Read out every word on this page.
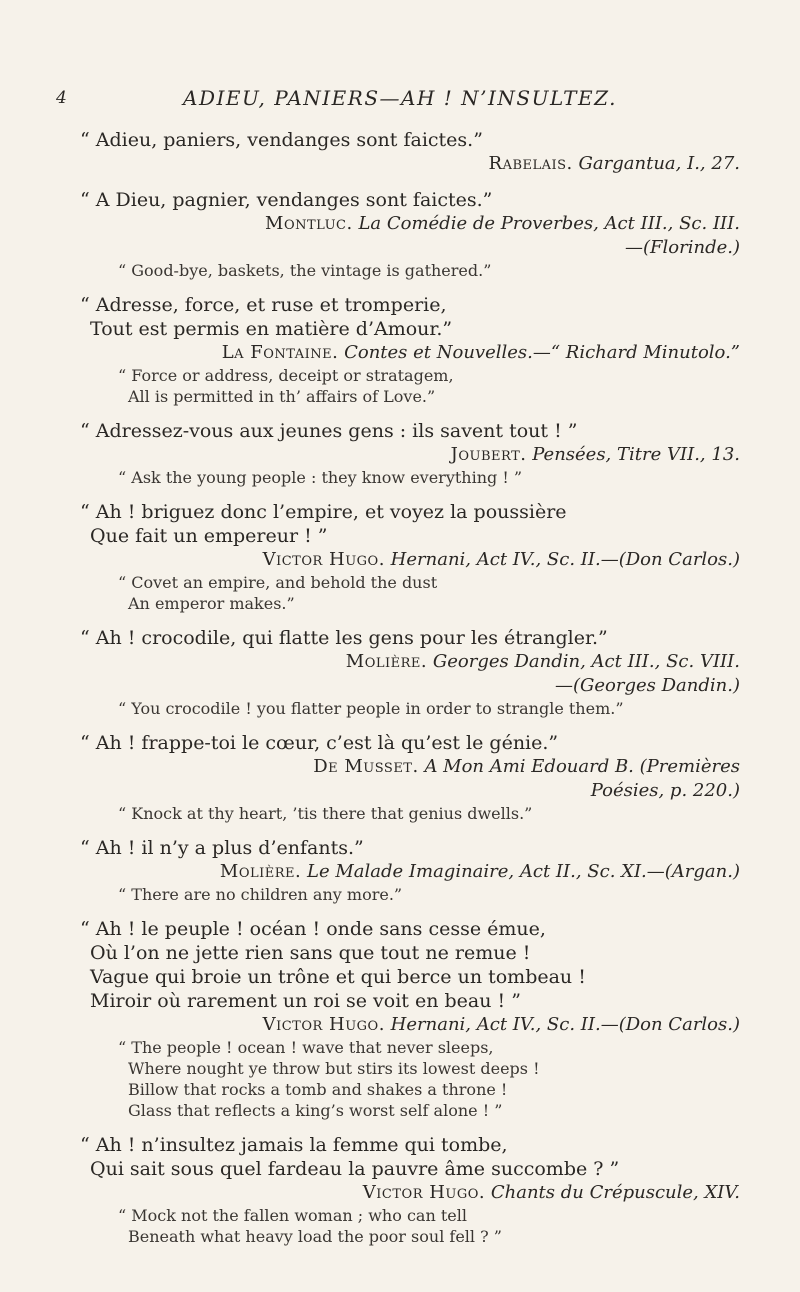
4	ADIEU, PANIERS—AH ! N’INSULTEZ.
“ Adieu, paniers, vendanges sont faictes.”
Rabelais. Gargantua, I., 27.
“ A Dieu, pagnier, vendanges sont faictes.”
Montluc. La Comédie de Proverbes, Act III., Sc. III.
—(Florinde.)
“ Good-bye, baskets, the vintage is gathered.”
“ Adresse, force, et ruse et tromperie,
Tout est permis en matière d’Amour.”
La Fontaine. Contes et Nouvelles.—“ Richard Minutolo.”
“ Force or address, deceipt or stratagem,
All is permitted in th’ affairs of Love.”
“ Adressez-vous aux jeunes gens : ils savent tout ! ”
Joubert. Pensées, Titre VII., 13.
“ Ask the young people : they know everything ! ”
“ Ah ! briguez donc l’empire, et voyez la poussière
Que fait un empereur ! ”
Victor Hugo. Hernani, Act IV., Sc. II.—(Don Carlos.)
“ Covet an empire, and behold the dust
An emperor makes.”
“ Ah ! crocodile, qui flatte les gens pour les étrangler.”
Molière. Georges Dandin, Act III., Sc. VIII.
—(Georges Dandin.)
“ You crocodile ! you flatter people in order to strangle them.”
“ Ah ! frappe-toi le cœur, c’est là qu’est le génie.”
De Musset. A Mon Ami Edouard B. (Premières
Poésies, p. 220.)
“ Knock at thy heart, ’tis there that genius dwells.”
“ Ah ! il n’y a plus d’enfants.”
Molière. Le Malade Imaginaire, Act II., Sc. XI.—(Argan.)
“ There are no children any more.”
“ Ah ! le peuple ! océan ! onde sans cesse émue,
Où l’on ne jette rien sans que tout ne remue !
Vague qui broie un trône et qui berce un tombeau !
Miroir où rarement un roi se voit en beau ! ”
Victor Hugo. Hernani, Act IV., Sc. II.—(Don Carlos.)
“ The people ! ocean ! wave that never sleeps,
Where nought ye throw but stirs its lowest deeps !
Billow that rocks a tomb and shakes a throne !
Glass that reflects a king’s worst self alone ! ”
“ Ah ! n’insultez jamais la femme qui tombe,
Qui sait sous quel fardeau la pauvre âme succombe ? ”
Victor Hugo. Chants du Crépuscule, XIV.
“ Mock not the fallen woman ; who can tell
Beneath what heavy load the poor soul fell ? ”
